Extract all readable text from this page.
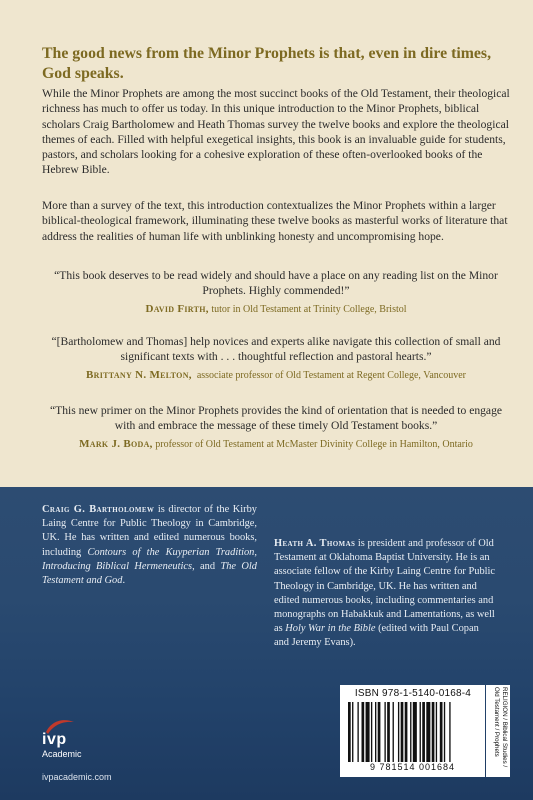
The good news from the Minor Prophets is that, even in dire times, God speaks.
While the Minor Prophets are among the most succinct books of the Old Testament, their theological richness has much to offer us today. In this unique introduction to the Minor Prophets, biblical scholars Craig Bartholomew and Heath Thomas survey the twelve books and explore the theological themes of each. Filled with helpful exegetical insights, this book is an invaluable guide for students, pastors, and scholars looking for a cohesive exploration of these often-overlooked books of the Hebrew Bible.
More than a survey of the text, this introduction contextualizes the Minor Prophets within a larger biblical-theological framework, illuminating these twelve books as masterful works of literature that address the realities of human life with unblinking honesty and uncompromising hope.
“This book deserves to be read widely and should have a place on any reading list on the Minor Prophets. Highly commended!”
David Firth, tutor in Old Testament at Trinity College, Bristol
“[Bartholomew and Thomas] help novices and experts alike navigate this collection of small and significant texts with . . . thoughtful reflection and pastoral hearts.”
Brittany N. Melton, associate professor of Old Testament at Regent College, Vancouver
“This new primer on the Minor Prophets provides the kind of orientation that is needed to engage with and embrace the message of these timely Old Testament books.”
Mark J. Boda, professor of Old Testament at McMaster Divinity College in Hamilton, Ontario
Craig G. Bartholomew is director of the Kirby Laing Centre for Public Theology in Cambridge, UK. He has written and edited numerous books, including Contours of the Kuyperian Tradition, Introducing Biblical Hermeneutics, and The Old Testament and God.
Heath A. Thomas is president and professor of Old Testament at Oklahoma Baptist University. He is an associate fellow of the Kirby Laing Centre for Public Theology in Cambridge, UK. He has written and edited numerous books, including commentaries and monographs on Habakkuk and Lamentations, as well as Holy War in the Bible (edited with Paul Copan and Jeremy Evans).
ivp
Academic
ivpacademic.com
ISBN 978-1-5140-0168-4
9 781514 001684	RELIGION / Biblical Studies / Old Testament / Prophets
